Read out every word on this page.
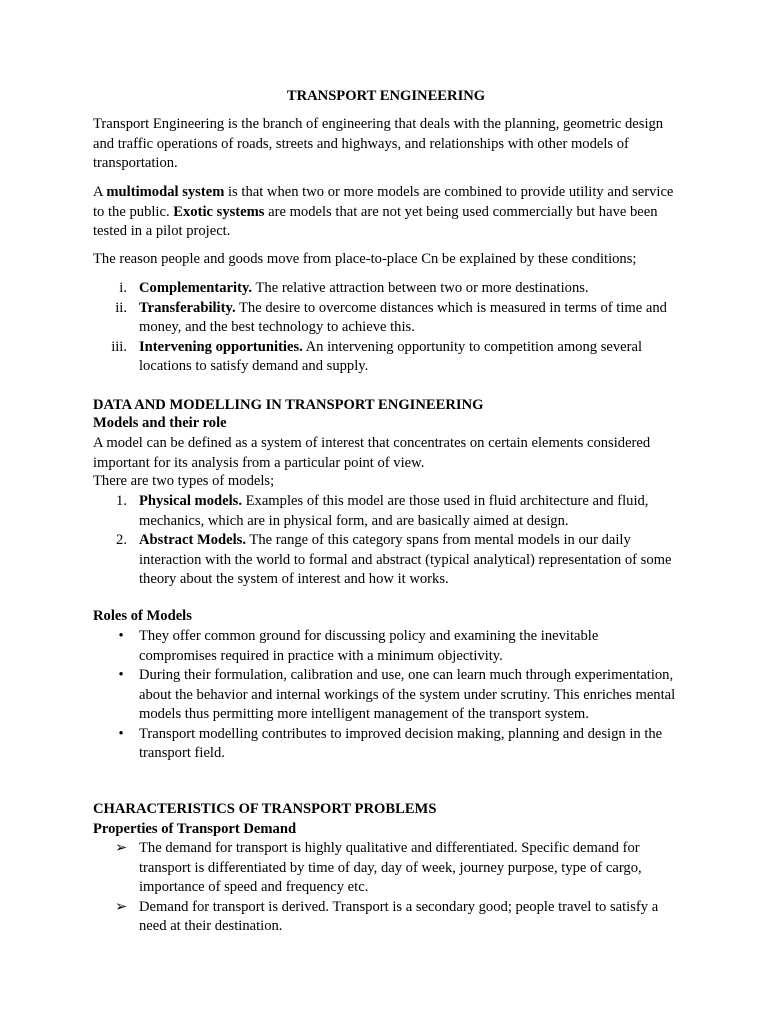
TRANSPORT ENGINEERING

Transport Engineering is the branch of engineering that deals with the planning, geometric design and traffic operations of roads, streets and highways, and relationships with other models of transportation.

A multimodal system is that when two or more models are combined to provide utility and service to the public. Exotic systems are models that are not yet being used commercially but have been tested in a pilot project.

The reason people and goods move from place-to-place Cn be explained by these conditions;

i. Complementarity. The relative attraction between two or more destinations.
ii. Transferability. The desire to overcome distances which is measured in terms of time and money, and the best technology to achieve this.
iii. Intervening opportunities. An intervening opportunity to competition among several locations to satisfy demand and supply.
DATA AND MODELLING IN TRANSPORT ENGINEERING
Models and their role

A model can be defined as a system of interest that concentrates on certain elements considered important for its analysis from a particular point of view.

There are two types of models;

1. Physical models. Examples of this model are those used in fluid architecture and fluid, mechanics, which are in physical form, and are basically aimed at design.
2. Abstract Models. The range of this category spans from mental models in our daily interaction with the world to formal and abstract (typical analytical) representation of some theory about the system of interest and how it works.
Roles of Models
• They offer common ground for discussing policy and examining the inevitable compromises required in practice with a minimum objectivity.
• During their formulation, calibration and use, one can learn much through experimentation, about the behavior and internal workings of the system under scrutiny. This enriches mental models thus permitting more intelligent management of the transport system.
• Transport modelling contributes to improved decision making, planning and design in the transport field.
CHARACTERISTICS OF TRANSPORT PROBLEMS
Properties of Transport Demand
➢ The demand for transport is highly qualitative and differentiated. Specific demand for transport is differentiated by time of day, day of week, journey purpose, type of cargo, importance of speed and frequency etc.
➢ Demand for transport is derived. Transport is a secondary good; people travel to satisfy a need at their destination.
